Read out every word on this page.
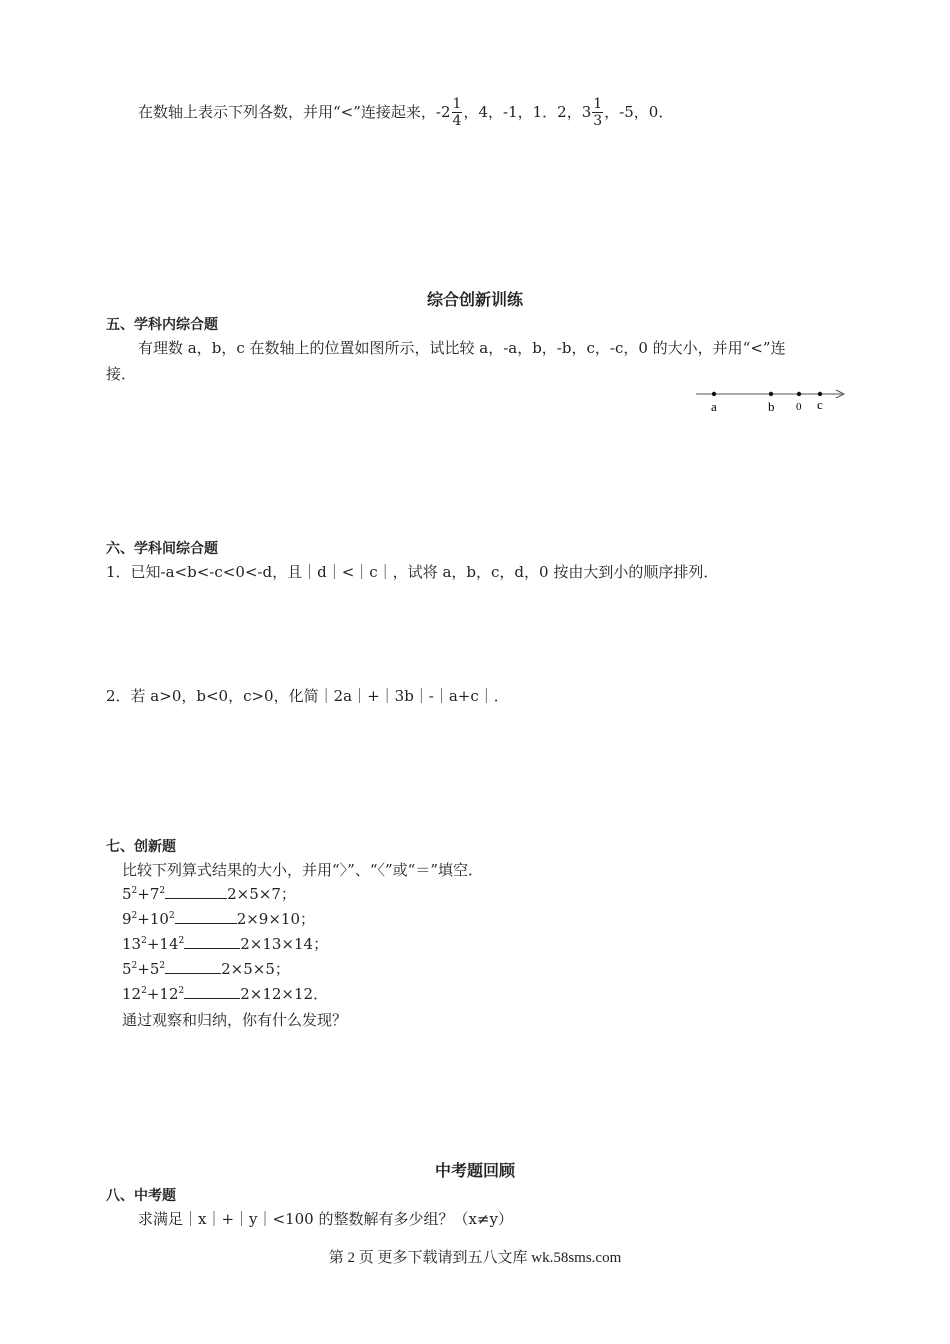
在数轴上表示下列各数，并用“<”连接起来， $-2 \frac{1}{4}$ ，4，-1，1．2， $3 \frac{1}{3}$ ，-5，0．
综合创新训练
五、学科内综合题
有理数 a，b，c 在数轴上的位置如图所示，试比较 a，-a，b，-b，c，-c，0 的大小，并用“<”连
接．
a	b 0 c
六、学科间综合题
1．已知-a<b<-c<0<-d，且｜d｜<｜c｜，试将 a，b，c，d，0 按由大到小的顺序排列．
2．若 a>0，b<0，c>0，化简｜2a｜+｜3b｜-｜a+c｜．
七、创新题
比较下列算式结果的大小，并用“〉”、“〈”或“＝”填空．
$5^2+7^2$	2×5×7；
$9^2+10^2$	2×9×10；
$13^2+14^2$	2×13×14；
$5^2+5^2$	2×5×5；
$12^2+12^2$	2×12×12．
通过观察和归纳，你有什么发现？
中考题回顾
八、中考题
求满足｜x｜+｜y｜<100 的整数解有多少组？（x≠y）
第 2 页 更多下载请到五八文库 wk.58sms.com
